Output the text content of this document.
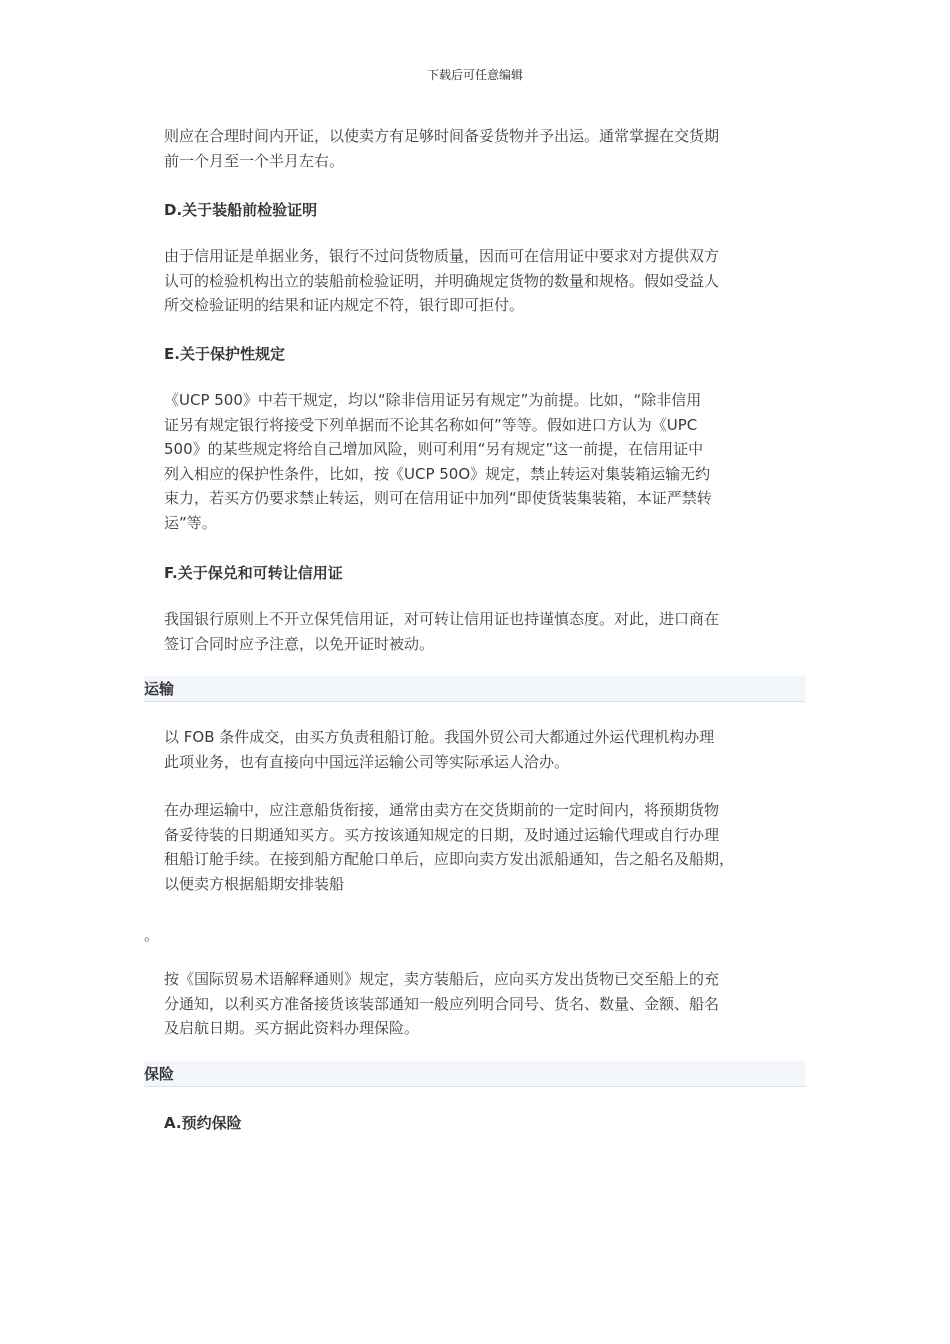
下载后可任意编辑

则应在合理时间内开证，以使卖方有足够时间备妥货物并予出运。通常掌握在交货期
前一个月至一个半月左右。

D.关于装船前检验证明

由于信用证是单据业务，银行不过问货物质量，因而可在信用证中要求对方提供双方
认可的检验机构出立的装船前检验证明，并明确规定货物的数量和规格。假如受益人
所交检验证明的结果和证内规定不符，银行即可拒付。

E.关于保护性规定

《UCP 500》中若干规定，均以“除非信用证另有规定”为前提。比如，“除非信用
证另有规定银行将接受下列单据而不论其名称如何”等等。假如进口方认为《UPC
500》的某些规定将给自己增加风险，则可利用“另有规定”这一前提，在信用证中
列入相应的保护性条件，比如，按《UCP 50O》规定，禁止转运对集装箱运输无约
束力，若买方仍要求禁止转运，则可在信用证中加列“即使货装集装箱，本证严禁转
运”等。

F.关于保兑和可转让信用证

我国银行原则上不开立保凭信用证，对可转让信用证也持谨慎态度。对此，进口商在
签订合同时应予注意，以免开证时被动。

运输

以 FOB 条件成交，由买方负责租船订舱。我国外贸公司大都通过外运代理机构办理
此项业务，也有直接向中国远洋运输公司等实际承运人洽办。

在办理运输中，应注意船货衔接，通常由卖方在交货期前的一定时间内，将预期货物
备妥待装的日期通知买方。买方按该通知规定的日期，及时通过运输代理或自行办理
租船订舱手续。在接到船方配舱口单后，应即向卖方发出派船通知，告之船名及船期，
以便卖方根据船期安排装船

。

按《国际贸易术语解释通则》规定，卖方装船后，应向买方发出货物已交至船上的充
分通知，以利买方准备接货该装部通知一般应列明合同号、货名、数量、金额、船名
及启航日期。买方据此资料办理保险。

保险

A.预约保险
